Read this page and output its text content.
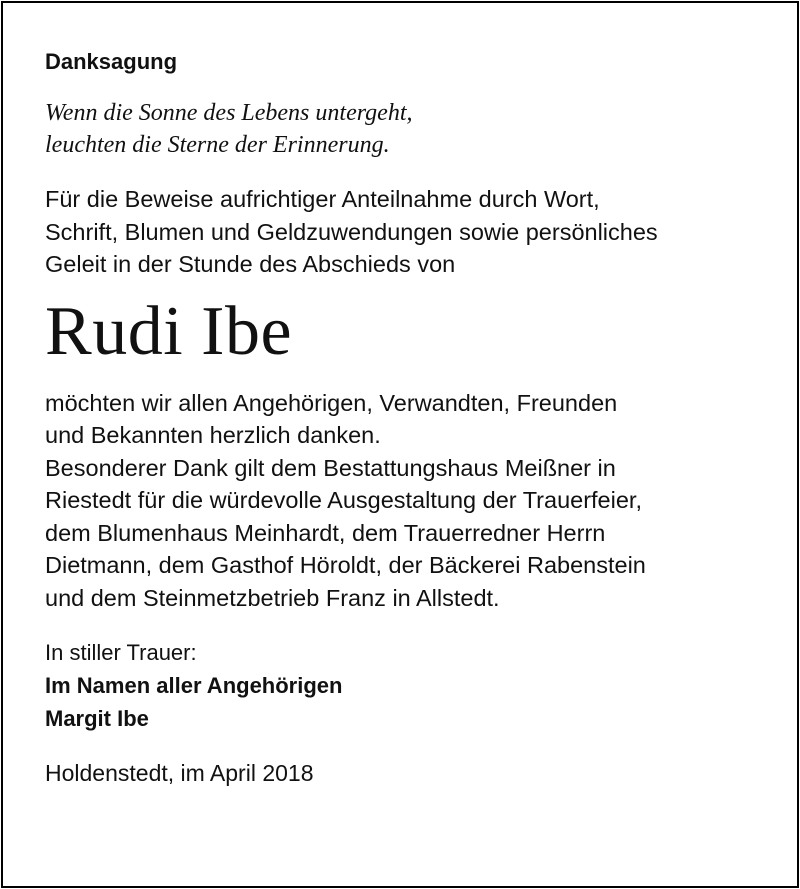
Danksagung
Wenn die Sonne des Lebens untergeht,
leuchten die Sterne der Erinnerung.
Für die Beweise aufrichtiger Anteilnahme durch Wort,
Schrift, Blumen und Geldzuwendungen sowie persönliches
Geleit in der Stunde des Abschieds von
Rudi Ibe
möchten wir allen Angehörigen, Verwandten, Freunden
und Bekannten herzlich danken.
Besonderer Dank gilt dem Bestattungshaus Meißner in
Riestedt für die würdevolle Ausgestaltung der Trauerfeier,
dem Blumenhaus Meinhardt, dem Trauerredner Herrn
Dietmann, dem Gasthof Höroldt, der Bäckerei Rabenstein
und dem Steinmetzbetrieb Franz in Allstedt.
In stiller Trauer:
Im Namen aller Angehörigen
Margit Ibe
Holdenstedt, im April 2018
